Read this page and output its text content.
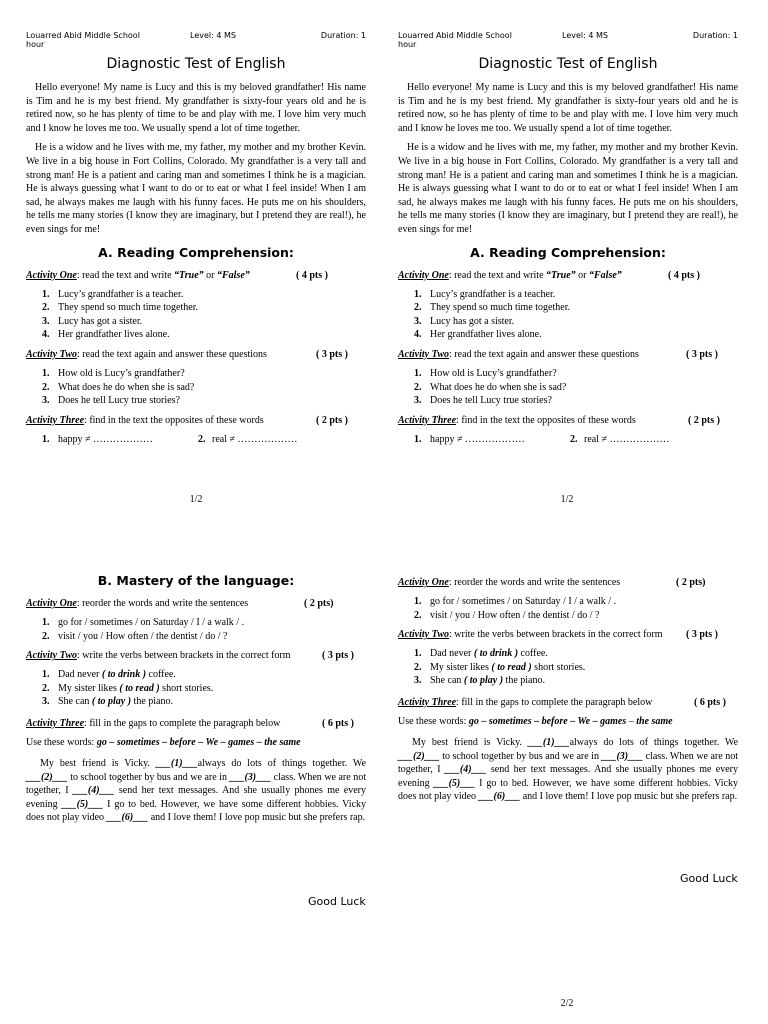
Louarred Abid Middle School hour
Level: 4 MS	Duration: 1
Diagnostic Test of English

Hello everyone! My name is Lucy and this is my beloved grandfather! His name is Tim and he is my best friend. My grandfather is sixty-four years old and he is retired now, so he has plenty of time to be and play with me. I love him very much and I know he loves me too. We usually spend a lot of time together.

He is a widow and he lives with me, my father, my mother and my brother Kevin. We live in a big house in Fort Collins, Colorado. My grandfather is a very tall and strong man! He is a patient and caring man and sometimes I think he is a magician. He is always guessing what I want to do or to eat or what I feel inside! When I am sad, he always makes me laugh with his funny faces. He puts me on his shoulders, he tells me many stories (I know they are imaginary, but I pretend they are real!), he even sings for me!

A. Reading Comprehension:
Activity One: read the text and write “True” or “False”	( 4 pts )
1. Lucy’s grandfather is a teacher.
2. They spend so much time together.
3. Lucy has got a sister.
4. Her grandfather lives alone.
Activity Two: read the text again and answer these questions	( 3 pts )
1. How old is Lucy’s grandfather?
2. What does he do when she is sad?
3. Does he tell Lucy true stories?
Activity Three: find in the text the opposites of these words	( 2 pts )
1. happy ≠ ………………	2. real ≠ ………………
1/2
Louarred Abid Middle School hour
Level: 4 MS	Duration: 1
Diagnostic Test of English

Hello everyone! My name is Lucy and this is my beloved grandfather! His name is Tim and he is my best friend. My grandfather is sixty-four years old and he is retired now, so he has plenty of time to be and play with me. I love him very much and I know he loves me too. We usually spend a lot of time together.

He is a widow and he lives with me, my father, my mother and my brother Kevin. We live in a big house in Fort Collins, Colorado. My grandfather is a very tall and strong man! He is a patient and caring man and sometimes I think he is a magician. He is always guessing what I want to do or to eat or what I feel inside! When I am sad, he always makes me laugh with his funny faces. He puts me on his shoulders, he tells me many stories (I know they are imaginary, but I pretend they are real!), he even sings for me!

A. Reading Comprehension:
Activity One: read the text and write “True” or “False”	( 4 pts )
1. Lucy’s grandfather is a teacher.
2. They spend so much time together.
3. Lucy has got a sister.
4. Her grandfather lives alone.
Activity Two: read the text again and answer these questions	( 3 pts )
1. How old is Lucy’s grandfather?
2. What does he do when she is sad?
3. Does he tell Lucy true stories?
Activity Three: find in the text the opposites of these words	( 2 pts )
1. happy ≠ ………………	2. real ≠ ………………
1/2
B. Mastery of the language:
Activity One: reorder the words and write the sentences	( 2 pts)
1. go for / sometimes / on Saturday / I / a walk / .
2. visit / you / How often / the dentist / do / ?
Activity Two: write the verbs between brackets in the correct form	( 3 pts )
1. Dad never ( to drink ) coffee.
2. My sister likes ( to read ) short stories.
3. She can ( to play ) the piano.
Activity Three: fill in the gaps to complete the paragraph below	( 6 pts )
Use these words: go – sometimes – before – We – games – the same

My best friend is Vicky. ___(1)___always do lots of things together. We ___(2)___ to school together by bus and we are in ___(3)___ class. When we are not together, I ___(4)___ send her text messages. And she usually phones me every evening ___(5)___ I go to bed. However, we have some different hobbies. Vicky does not play video ___(6)___ and I love them! I love pop music but she prefers rap.

Good Luck
Activity One: reorder the words and write the sentences	( 2 pts)
1. go for / sometimes / on Saturday / I / a walk / .
2. visit / you / How often / the dentist / do / ?
Activity Two: write the verbs between brackets in the correct form ( 3 pts )
1. Dad never ( to drink ) coffee.
2. My sister likes ( to read ) short stories.
3. She can ( to play ) the piano.
Activity Three: fill in the gaps to complete the paragraph below	( 6 pts )
Use these words: go – sometimes – before – We – games – the same

My best friend is Vicky. ___(1)___always do lots of things together. We ___(2)___ to school together by bus and we are in ___(3)___ class. When we are not together, I ___(4)___ send her text messages. And she usually phones me every evening ___(5)___ I go to bed. However, we have some different hobbies. Vicky does not play video ___(6)___ and I love them! I love pop music but she prefers rap.

Good Luck
2/2
